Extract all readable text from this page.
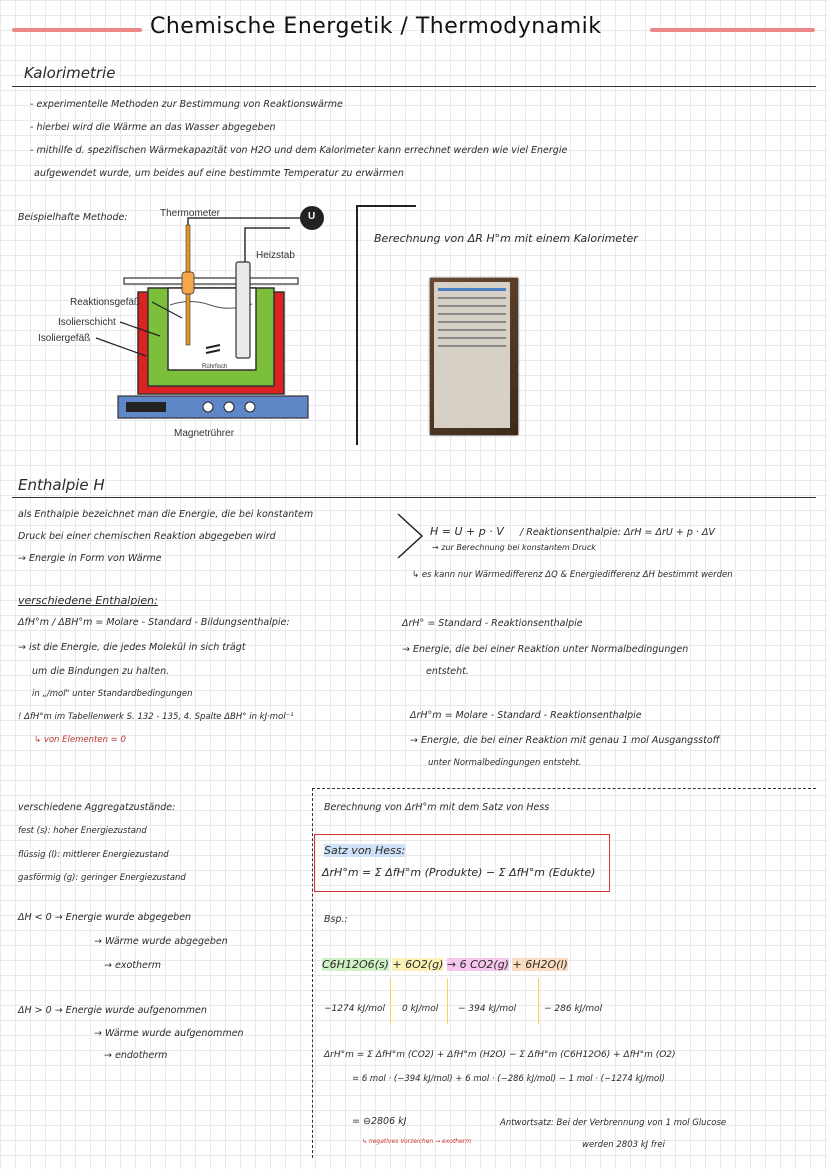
Chemische Energetik / Thermodynamik
Kalorimetrie
- experimentelle Methoden zur Bestimmung von Reaktionswärme
- hierbei wird die Wärme an das Wasser abgegeben
- mithilfe d. spezifischen Wärmekapazität von H2O und dem Kalorimeter kann errechnet werden wie viel Energie
aufgewendet wurde, um beides auf eine bestimmte Temperatur zu erwärmen
Beispielhafte Methode:	Thermometer
Heizstab
U
Reaktionsgefäß
Isolierschicht
Isoliergefäß
Rührfisch
Magnetrührer
Berechnung von ΔR H°m mit einem Kalorimeter
Enthalpie H
als Enthalpie bezeichnet man die Energie, die bei konstantem
Druck bei einer chemischen Reaktion abgegeben wird
→ Energie in Form von Wärme
H = U + p · V / Reaktionsenthalpie: ΔrH = ΔrU + p · ΔV
→ zur Berechnung bei konstantem Druck
↳ es kann nur Wärmedifferenz ΔQ & Energiedifferenz ΔH bestimmt werden
verschiedene Enthalpien:
ΔfH°m / ΔBH°m = Molare - Standard - Bildungsenthalpie:
→ ist die Energie, die jedes Molekül in sich trägt
um die Bindungen zu halten.
in „/mol" unter Standardbedingungen
! ΔfH°m im Tabellenwerk S. 132 - 135, 4. Spalte ΔBH° in kJ·mol⁻¹
↳ von Elementen = 0
ΔrH° = Standard - Reaktionsenthalpie
→ Energie, die bei einer Reaktion unter Normalbedingungen
entsteht.
ΔrH°m = Molare - Standard - Reaktionsenthalpie
→ Energie, die bei einer Reaktion mit genau 1 mol Ausgangsstoff
unter Normalbedingungen entsteht.
verschiedene Aggregatzustände:
fest (s): hoher Energiezustand
flüssig (l): mittlerer Energiezustand
gasförmig (g): geringer Energiezustand
ΔH < 0 → Energie wurde abgegeben
→ Wärme wurde abgegeben
→ exotherm
ΔH > 0 → Energie wurde aufgenommen
→ Wärme wurde aufgenommen
→ endotherm
Berechnung von ΔrH°m mit dem Satz von Hess
Satz von Hess:
ΔrH°m = Σ ΔfH°m (Produkte) − Σ ΔfH°m (Edukte)
Bsp.:
C6H12O6(s) + 6O2(g) → 6 CO2(g) + 6H2O(l)
−1274 kJ/mol 0 kJ/mol − 394 kJ/mol	− 286 kJ/mol
ΔrH°m = Σ ΔfH°m (CO2) + ΔfH°m (H2O) − Σ ΔfH°m (C6H12O6) + ΔfH°m (O2)
= 6 mol · (−394 kJ/mol) + 6 mol · (−286 kJ/mol) − 1 mol · (−1274 kJ/mol)
= ⊖2806 kJ
↳ negatives Vorzeichen → exotherm
Antwortsatz: Bei der Verbrennung von 1 mol Glucose
werden 2803 kJ frei
